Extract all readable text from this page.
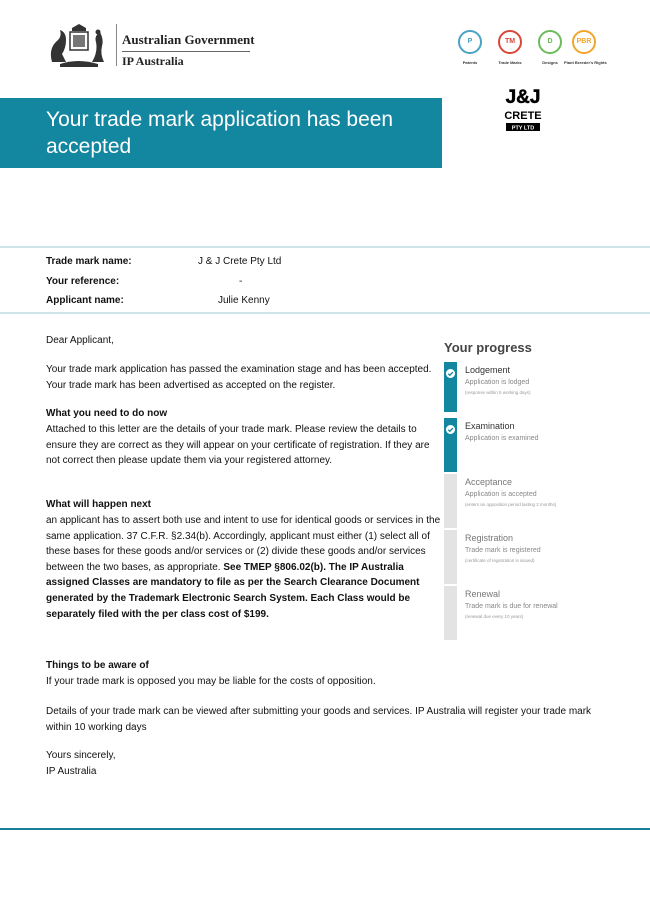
Australian Government
IP Australia
P
Patents
TM
Trade Marks
D
Designs
PBR
Plant Breeder's Rights
Your trade mark application has been accepted
J&J
CRETE
PTY LTD
Trade mark name:	J & J Crete Pty Ltd
Your reference:	-
Applicant name:	Julie Kenny
Dear Applicant,
Your trade mark application has passed the examination stage and has been accepted. Your trade mark has been advertised as accepted on the register.
What you need to do now
Attached to this letter are the details of your trade mark. Please review the details to ensure they are correct as they will appear on your certificate of registration. If they are not correct then please update them via your registered attorney.
What will happen next
an applicant has to assert both use and intent to use for identical goods or services in the same application. 37 C.F.R. §2.34(b). Accordingly, applicant must either (1) select all of these bases for these goods and/or services or (2) divide these goods and/or services between the two bases, as appropriate. See TMEP §806.02(b). The IP Australia assigned Classes are mandatory to file as per the Search Clearance Document generated by the Trademark Electronic Search System. Each Class would be separately filed with the per class cost of $199.
Things to be aware of
If your trade mark is opposed you may be liable for the costs of opposition.
Details of your trade mark can be viewed after submitting your goods and services. IP Australia will register your trade mark within 10 working days
Yours sincerely,
IP Australia
Your progress
Lodgement
Application is lodged
(response within 5 working days)
Examination
Application is examined
Acceptance
Application is accepted
(enters an opposition period lasting 2 months)
Registration
Trade mark is registered
(certificate of registration is issued)
Renewal
Trade mark is due for renewal
(renewal due every 10 years)
